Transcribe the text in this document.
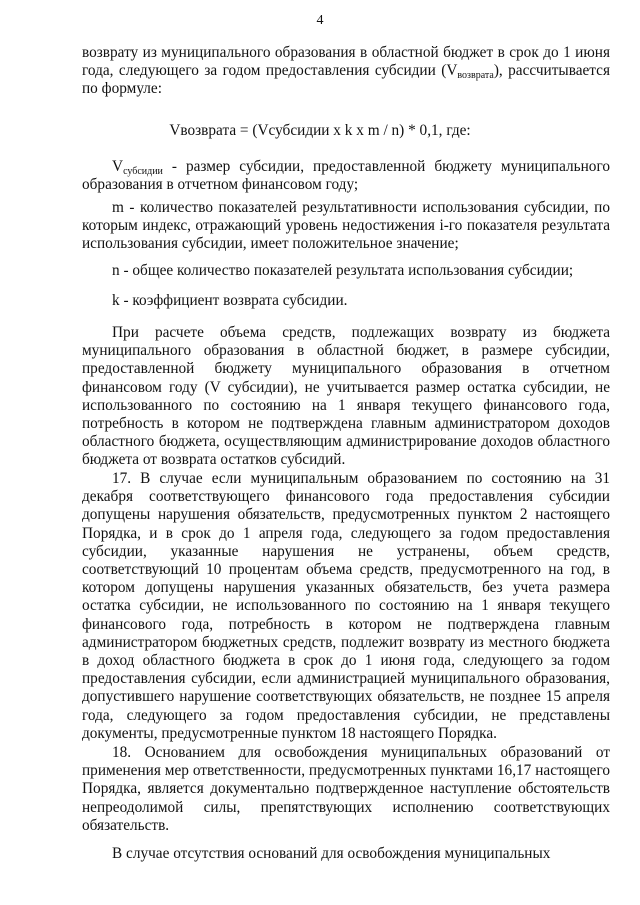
4

возврату из муниципального образования в областной бюджет в срок до 1 июня года, следующего за годом предоставления субсидии $(V_{возврата})$, рассчитывается по формуле:

Vвозврата = (Vсубсидии x k x m / n) * 0,1, где:

$V_{субсидии}$ - размер субсидии, предоставленной бюджету муниципального образования в отчетном финансовом году;

m - количество показателей результативности использования субсидии, по которым индекс, отражающий уровень недостижения i-го показателя результата использования субсидии, имеет положительное значение;

n - общее количество показателей результата использования субсидии;

k - коэффициент возврата субсидии.

При расчете объема средств, подлежащих возврату из бюджета муниципального образования в областной бюджет, в размере субсидии, предоставленной бюджету муниципального образования в отчетном финансовом году (V субсидии), не учитывается размер остатка субсидии, не использованного по состоянию на 1 января текущего финансового года, потребность в котором не подтверждена главным администратором доходов областного бюджета, осуществляющим администрирование доходов областного бюджета от возврата остатков субсидий.

17. В случае если муниципальным образованием по состоянию на 31 декабря соответствующего финансового года предоставления субсидии допущены нарушения обязательств, предусмотренных пунктом 2 настоящего Порядка, и в срок до 1 апреля года, следующего за годом предоставления субсидии, указанные нарушения не устранены, объем средств, соответствующий 10 процентам объема средств, предусмотренного на год, в котором допущены нарушения указанных обязательств, без учета размера остатка субсидии, не использованного по состоянию на 1 января текущего финансового года, потребность в котором не подтверждена главным администратором бюджетных средств, подлежит возврату из местного бюджета в доход областного бюджета в срок до 1 июня года, следующего за годом предоставления субсидии, если администрацией муниципального образования, допустившего нарушение соответствующих обязательств, не позднее 15 апреля года, следующего за годом предоставления субсидии, не представлены документы, предусмотренные пунктом 18 настоящего Порядка.

18. Основанием для освобождения муниципальных образований от применения мер ответственности, предусмотренных пунктами 16,17 настоящего Порядка, является документально подтвержденное наступление обстоятельств непреодолимой силы, препятствующих исполнению соответствующих обязательств.

В случае отсутствия оснований для освобождения муниципальных
